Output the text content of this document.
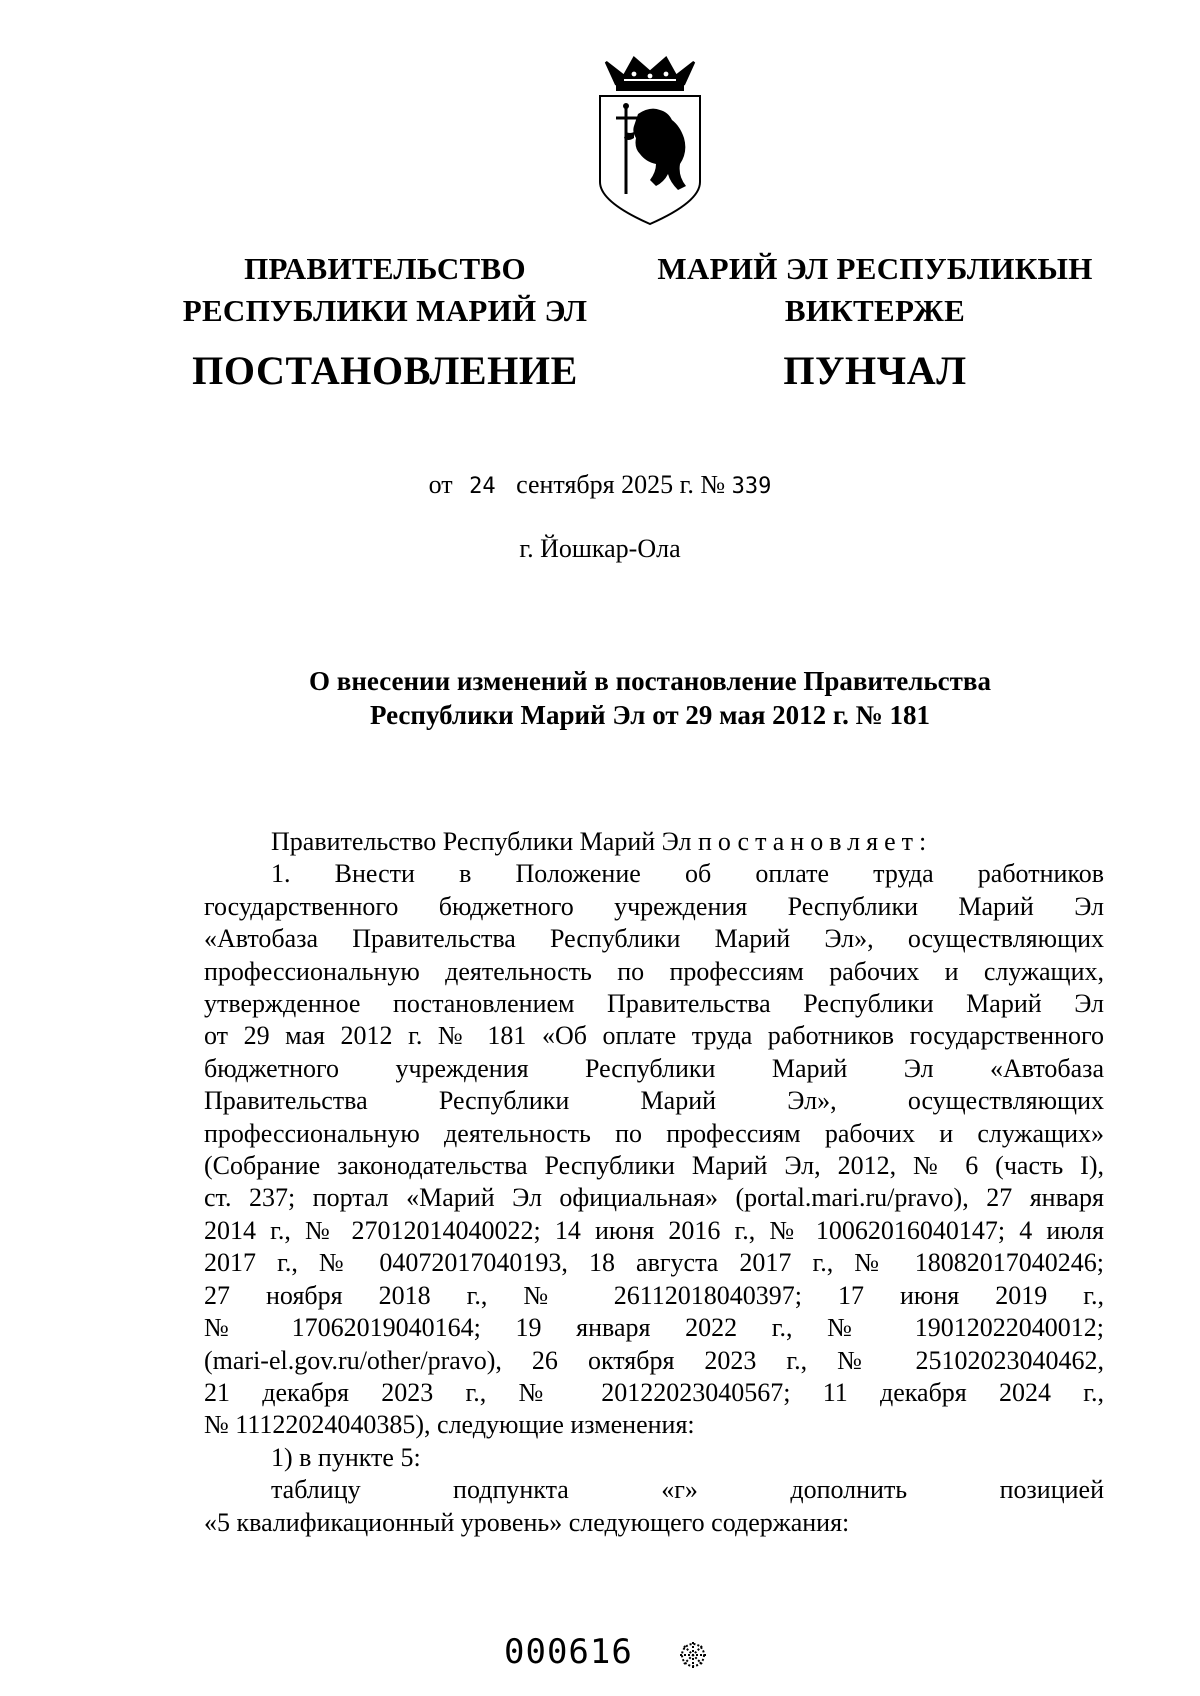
ПРАВИТЕЛЬСТВО
РЕСПУБЛИКИ МАРИЙ ЭЛ
ПОСТАНОВЛЕНИЕ
МАРИЙ ЭЛ РЕСПУБЛИКЫН
ВИКТЕРЖЕ
ПУНЧАЛ
от 24 сентября 2025 г. № 339
г. Йошкар-Ола
О внесении изменений в постановление Правительства
Республики Марий Эл от 29 мая 2012 г. № 181

Правительство Республики Марий Эл постановляет:

1. Внести в Положение об оплате труда работников

государственного бюджетного учреждения Республики Марий Эл

«Автобаза Правительства Республики Марий Эл», осуществляющих

профессиональную деятельность по профессиям рабочих и служащих,

утвержденное постановлением Правительства Республики Марий Эл

от 29 мая 2012 г. № 181 «Об оплате труда работников государственного

бюджетного учреждения Республики Марий Эл «Автобаза

Правительства Республики Марий Эл», осуществляющих

профессиональную деятельность по профессиям рабочих и служащих»

(Собрание законодательства Республики Марий Эл, 2012, № 6 (часть I),

ст. 237; портал «Марий Эл официальная» (portal.mari.ru/pravo), 27 января

2014 г., № 27012014040022; 14 июня 2016 г., № 10062016040147; 4 июля

2017 г., № 04072017040193, 18 августа 2017 г., № 18082017040246;

27 ноября 2018 г., № 26112018040397; 17 июня 2019 г.,

№ 17062019040164; 19 января 2022 г., № 19012022040012;

(mari-el.gov.ru/other/pravo), 26 октября 2023 г., № 25102023040462,

21 декабря 2023 г., № 20122023040567; 11 декабря 2024 г.,

№ 11122024040385), следующие изменения:

1) в пункте 5:

таблицу подпункта «г» дополнить позицией

«5 квалификационный уровень» следующего содержания:

000616
